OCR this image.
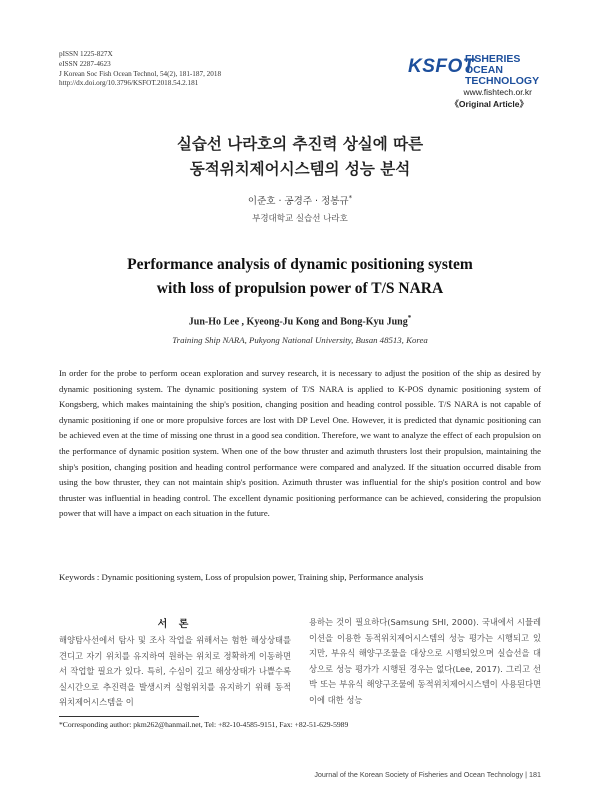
pISSN 1225-827X
eISSN 2287-4623
J Korean Soc Fish Ocean Technol, 54(2), 181-187, 2018
http://dx.doi.org/10.3796/KSFOT.2018.54.2.181
KSFOT
FISHERIES OCEAN
TECHNOLOGY
www.fishtech.or.kr
《Original Article》
실습선 나라호의 추진력 상실에 따른
동적위치제어시스템의 성능 분석
이준호 · 공경주 · 정봉규*
부경대학교 실습선 나라호
Performance analysis of dynamic positioning system
with loss of propulsion power of T/S NARA
Jun-Ho Lee , Kyeong-Ju Kong and Bong-Kyu Jung*
Training Ship NARA, Pukyong National University, Busan 48513, Korea
In order for the probe to perform ocean exploration and survey research, it is necessary to adjust the position of the ship as desired by dynamic positioning system. The dynamic positioning system of T/S NARA is applied to K-POS dynamic positioning system of Kongsberg, which makes maintaining the ship's position, changing position and heading control possible. T/S NARA is not capable of dynamic positioning if one or more propulsive forces are lost with DP Level One. However, it is predicted that dynamic positioning can be achieved even at the time of missing one thrust in a good sea condition. Therefore, we want to analyze the effect of each propulsion on the performance of dynamic position system. When one of the bow thruster and azimuth thrusters lost their propulsion, maintaining the ship's position, changing position and heading control performance were compared and analyzed. If the situation occurred disable from using the bow thruster, they can not maintain ship's position. Azimuth thruster was influential for the ship's position control and bow thruster was influential in heading control. The excellent dynamic positioning performance can be achieved, considering the propulsion power that will have a impact on each situation in the future.
Keywords : Dynamic positioning system, Loss of propulsion power, Training ship, Performance analysis
서 론
해양탐사선에서 탐사 및 조사 작업을 위해서는 험한 해상상태를 견디고 자기 위치를 유지하여 원하는 위치로 정확하게 이동하면서 작업할 필요가 있다. 특히, 수심이 깊고 해상상태가 나쁠수록 실시간으로 추진력을 발생시켜 실험위치를 유지하기 위해 동적위치제어시스템을 이
용하는 것이 필요하다(Samsung SHI, 2000). 국내에서 시뮬레이션을 이용한 동적위치제어시스템의 성능 평가는 시행되고 있지만, 부유식 해양구조물을 대상으로 시행되었으며 실습선을 대상으로 성능 평가가 시행된 경우는 없다(Lee, 2017). 그리고 선박 또는 부유식 해양구조물에 동적위치제어시스템이 사용된다면 이에 대한 성능
*Corresponding author: pkm262@hanmail.net, Tel: +82-10-4585-9151, Fax: +82-51-629-5989
Journal of the Korean Society of Fisheries and Ocean Technology | 181
